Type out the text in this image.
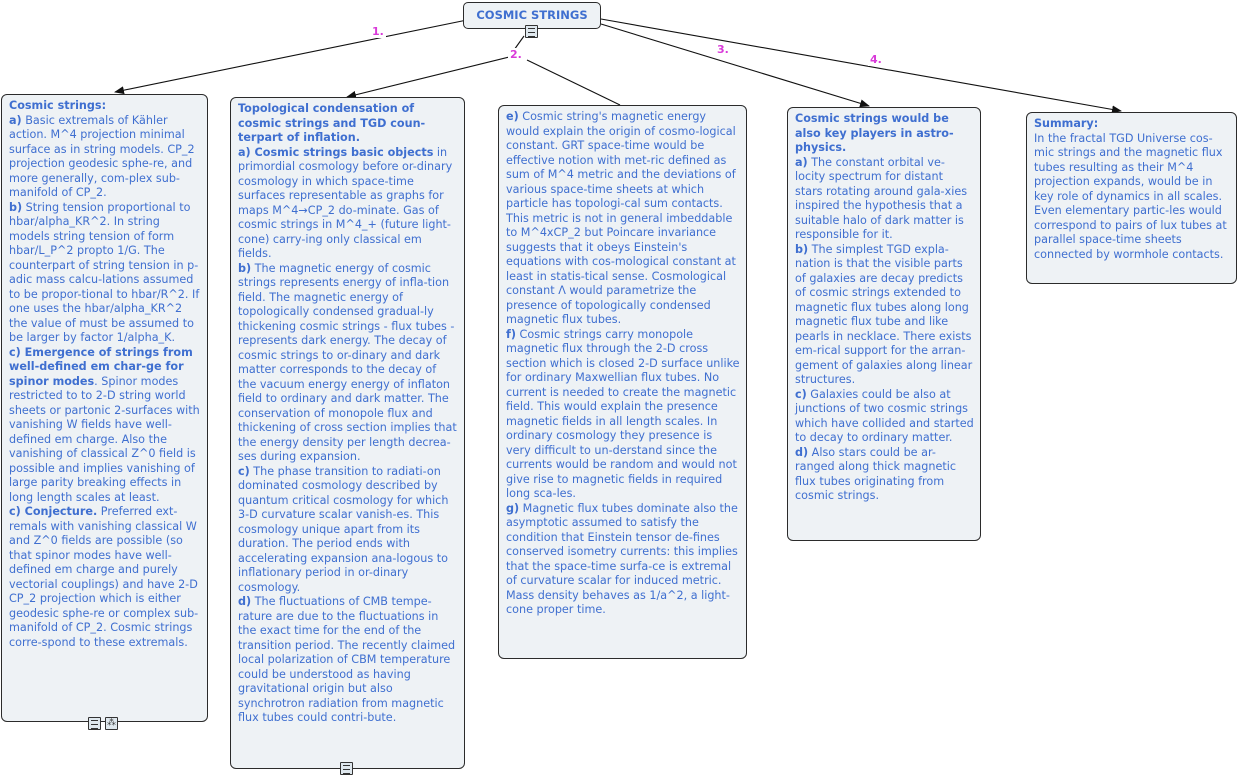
COSMIC STRINGS
1.
2.	3.
4.

Cosmic strings:

a) Basic extremals of Kähler action. M^4 projection minimal surface as in string models. CP_2 projection geodesic sphe-re, and more generally, com-plex sub-manifold of CP_2.

b) String tension proportional to hbar/alpha_KR^2. In string models string tension of form hbar/L_P^2 propto 1/G. The counterpart of string tension in p-adic mass calcu-lations assumed to be propor-tional to hbar/R^2. If one uses the hbar/alpha_KR^2 the value of must be assumed to be larger by factor 1/alpha_K.

c) Emergence of strings from well-defined em char-ge for spinor modes. Spinor modes restricted to to 2-D string world sheets or partonic 2-surfaces with vanishing W fields have well-defined em charge. Also the vanishing of classical Z^0 field is possible and implies vanishing of large parity breaking effects in long length scales at least.

c) Conjecture. Preferred ext-remals with vanishing classical W and Z^0 fields are possible (so that spinor modes have well-defined em charge and purely vectorial couplings) and have 2-D CP_2 projection which is either geodesic sphe-re or complex sub-manifold of CP_2. Cosmic strings corre-spond to these extremals.

⁂

Topological condensation of cosmic strings and TGD coun-terpart of inflation.

a) Cosmic strings basic objects in primordial cosmology before or-dinary cosmology in which space-time surfaces representable as graphs for maps M^4→CP_2 do-minate. Gas of cosmic strings in M^4_+ (future light-cone) carry-ing only classical em fields.

b) The magnetic energy of cosmic strings represents energy of infla-tion field. The magnetic energy of topologically condensed gradual-ly thickening cosmic strings - flux tubes - represents dark energy. The decay of cosmic strings to or-dinary and dark matter corresponds to the decay of the vacuum energy energy of inflaton field to ordinary and dark matter. The conservation of monopole flux and thickening of cross section implies that the energy density per length decrea-ses during expansion.

c) The phase transition to radiati-on dominated cosmology described by quantum critical cosmology for which 3-D curvature scalar vanish-es. This cosmology unique apart from its duration. The period ends with accelerating expansion ana-logous to inflationary period in or-dinary cosmology.

d) The fluctuations of CMB tempe-rature are due to the fluctuations in the exact time for the end of the transition period. The recently claimed local polarization of CBM temperature could be understood as having gravitational origin but also synchrotron radiation from magnetic flux tubes could contri-bute.

e) Cosmic string's magnetic energy would explain the origin of cosmo-logical constant. GRT space-time would be effective notion with met-ric defined as sum of M^4 metric and the deviations of various space-time sheets at which particle has topologi-cal sum contacts. This metric is not in general imbeddable to M^4xCP_2 but Poincare invariance suggests that it obeys Einstein's equations with cos-mological constant at least in statis-tical sense. Cosmological constant Λ would parametrize the presence of topologically condensed magnetic flux tubes.

f) Cosmic strings carry monopole magnetic flux through the 2-D cross section which is closed 2-D surface unlike for ordinary Maxwellian flux tubes. No current is needed to create the magnetic field. This would explain the presence magnetic fields in all length scales. In ordinary cosmology they presence is very difficult to un-derstand since the currents would be random and would not give rise to magnetic fields in required long sca-les.

g) Magnetic flux tubes dominate also the asymptotic assumed to satisfy the condition that Einstein tensor de-fines conserved isometry currents: this implies that the space-time surfa-ce is extremal of curvature scalar for induced metric. Mass density behaves as 1/a^2, a light-cone proper time.

Cosmic strings would be also key players in astro-physics.

a) The constant orbital ve-locity spectrum for distant stars rotating around gala-xies inspired the hypothesis that a suitable halo of dark matter is responsible for it.

b) The simplest TGD expla-nation is that the visible parts of galaxies are decay predicts of cosmic strings extended to magnetic flux tubes along long magnetic flux tube and like pearls in necklace. There exists em-rical support for the arran-gement of galaxies along linear structures.

c) Galaxies could be also at junctions of two cosmic strings which have collided and started to decay to ordinary matter.

d) Also stars could be ar-ranged along thick magnetic flux tubes originating from cosmic strings.

Summary:

In the fractal TGD Universe cos-mic strings and the magnetic flux tubes resulting as their M^4 projection expands, would be in key role of dynamics in all scales. Even elementary partic-les would correspond to pairs of lux tubes at parallel space-time sheets connected by wormhole contacts.
